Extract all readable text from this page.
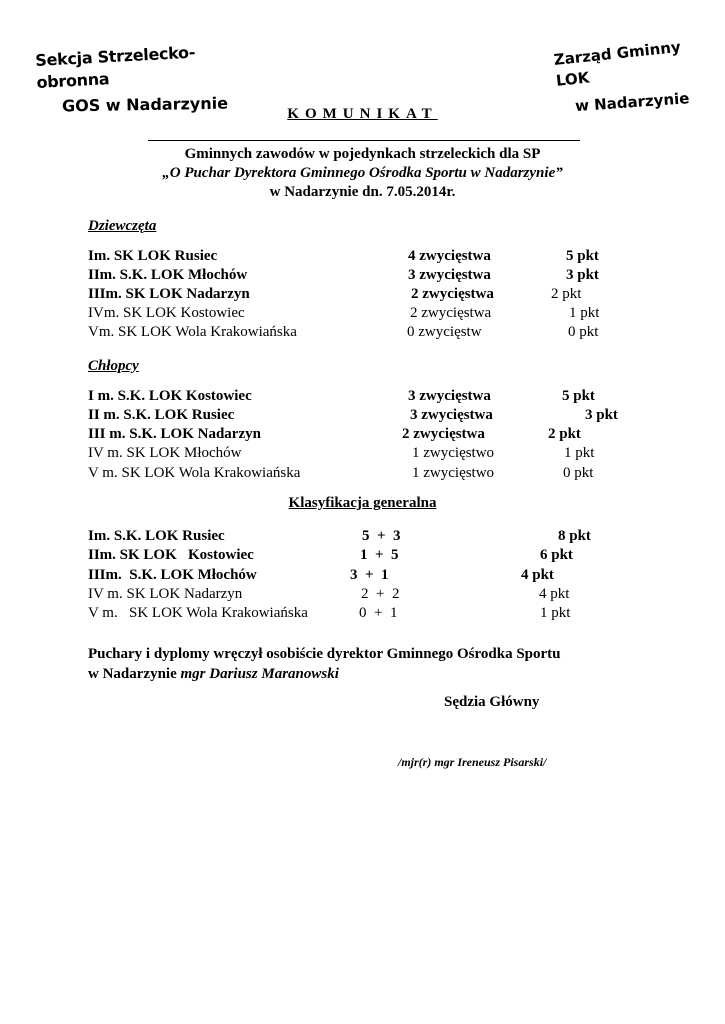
Sekcja Strzelecko-obronna
GOS w Nadarzynie
Zarząd Gminny LOK
w Nadarzynie
KOMUNIKAT
Gminnych zawodów w pojedynkach strzeleckich dla SP
„O Puchar Dyrektora Gminnego Ośrodka Sportu w Nadarzynie”
w Nadarzynie dn. 7.05.2014r.
Dziewczęta
Im. SK LOK Rusiec	4 zwycięstwa	5 pkt
IIm. S.K. LOK Młochów	3 zwycięstwa	3 pkt
IIIm. SK LOK Nadarzyn	2 zwycięstwa	2 pkt
IVm. SK LOK Kostowiec	2 zwycięstwa	1 pkt
Vm. SK LOK Wola Krakowiańska	0 zwycięstw	0 pkt
Chłopcy
I m. S.K. LOK Kostowiec	3 zwycięstwa	5 pkt
II m. S.K. LOK Rusiec	3 zwycięstwa	3 pkt
III m. S.K. LOK Nadarzyn	2 zwycięstwa	2 pkt
IV m. SK LOK Młochów	1 zwycięstwo	1 pkt
V m. SK LOK Wola Krakowiańska	1 zwycięstwo	0 pkt
Klasyfikacja generalna
Im. S.K. LOK Rusiec	5  +  3	8 pkt
IIm. SK LOK   Kostowiec	1  +  5	6 pkt
IIIm.  S.K. LOK Młochów	3  +  1	4 pkt
IV m. SK LOK Nadarzyn	2  +  2	4 pkt
V m.   SK LOK Wola Krakowiańska	0  +  1	1 pkt
Puchary i dyplomy wręczył osobiście dyrektor Gminnego Ośrodka Sportu
w Nadarzynie mgr Dariusz Maranowski
Sędzia Główny
/mjr(r) mgr Ireneusz Pisarski/
